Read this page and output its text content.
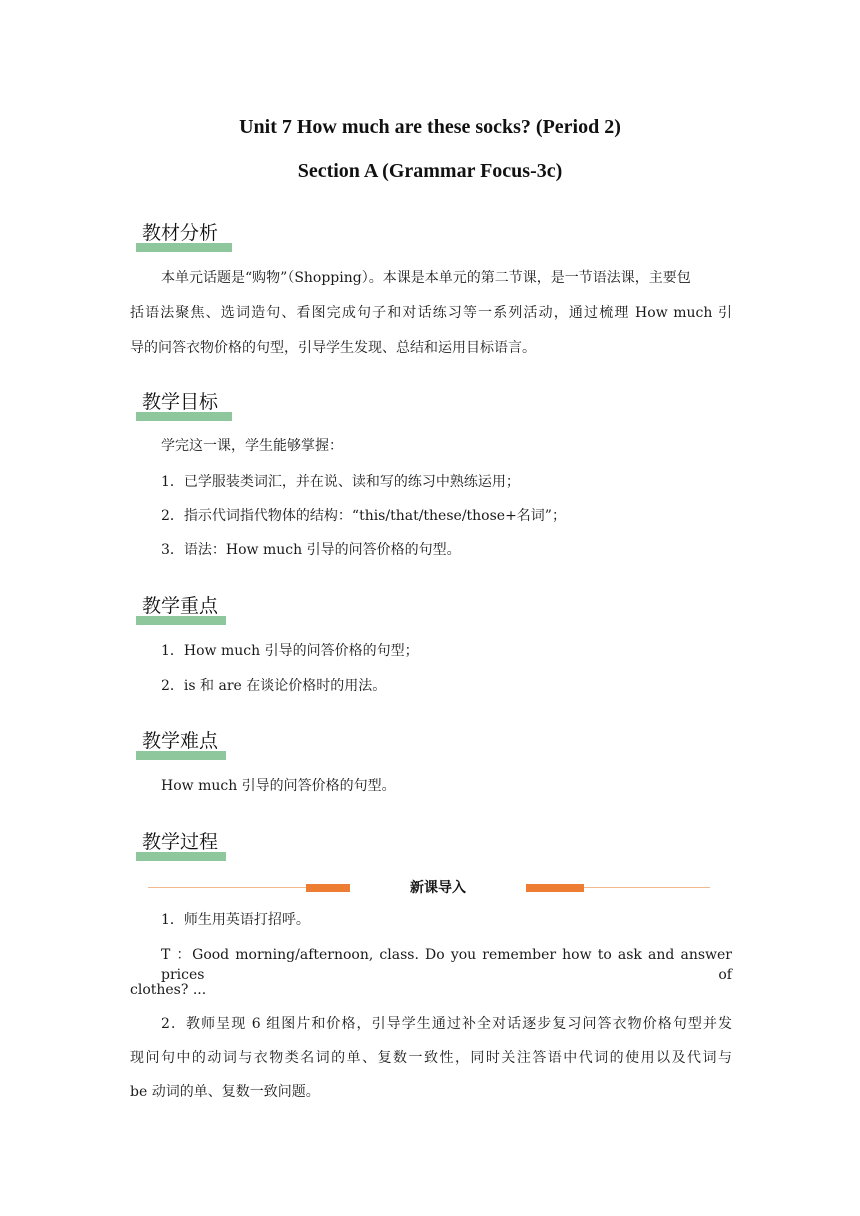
Unit 7 How much are these socks? (Period 2)
Section A (Grammar Focus-3c)
教材分析
本单元话题是“购物”（Shopping）。本课是本单元的第二节课，是一节语法课，主要包
括语法聚焦、选词造句、看图完成句子和对话练习等一系列活动，通过梳理 How much 引
导的问答衣物价格的句型，引导学生发现、总结和运用目标语言。
教学目标
学完这一课，学生能够掌握：
1．已学服装类词汇，并在说、读和写的练习中熟练运用；
2．指示代词指代物体的结构：“this/that/these/those+名词”；
3．语法：How much 引导的问答价格的句型。
教学重点
1．How much 引导的问答价格的句型；
2．is 和 are 在谈论价格时的用法。
教学难点
How much 引导的问答价格的句型。
教学过程
新课导入
1．师生用英语打招呼。
T ：Good morning/afternoon, class. Do you remember how to ask and answer prices of
clothes? ...
2．教师呈现 6 组图片和价格，引导学生通过补全对话逐步复习问答衣物价格句型并发
现问句中的动词与衣物类名词的单、复数一致性，同时关注答语中代词的使用以及代词与
be 动词的单、复数一致问题。
